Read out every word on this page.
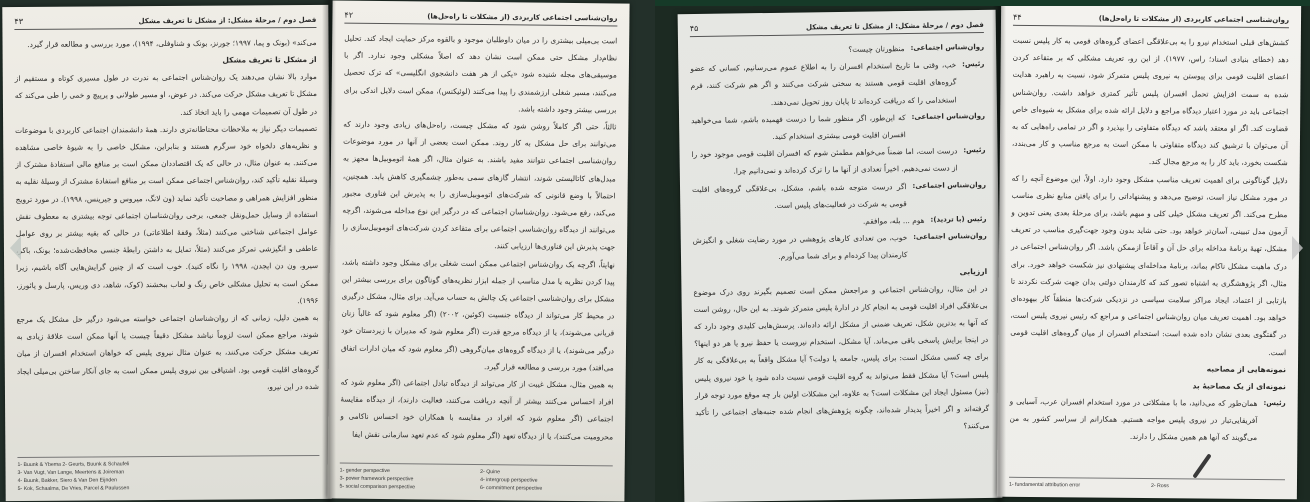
فصل دوم / مرحلهٔ مشکل: از مشکل تا تعریف مشکل
۴۳

می‌کند» (بونک و پما، ۱۹۹۷؛ جورنز، بونک و شناوفلی، ۱۹۹۴)، مورد بررسی و مطالعه قرار گیرد.

از مشکل تا تعریف مشکل

موارد بالا نشان می‌دهند یک روان‌شناس اجتماعی به ندرت در طول مسیری کوتاه و مستقیم از مشکل تا تعریف مشکل حرکت می‌کند. در عوض، او مسیر طولانی و پرپیچ و خمی را طی می‌کند که در طول آن تصمیمات مهمی را باید اتخاذ کند.

تصمیمات دیگر نیاز به ملاحظات محتاطانه‌تری دارند. همهٔ دانشمندان اجتماعی کاربردی با موضوعات و نظریه‌های دلخواه خود سرگرم هستند و بنابراین، مشکل خاصی را به شیوهٔ خاصی مشاهده می‌کنند. به عنوان مثال، در حالی که یک اقتصاددان ممکن است بر منافع مالی استفادهٔ مشترک از وسیلهٔ نقلیه تأکید کند، روان‌شناس اجتماعی ممکن است بر منافع استفادهٔ مشترک از وسیلهٔ نقلیه به منظور افزایش همراهی و مصاحبت تأکید نماید (ون لانگ، میروس و جیرینس، ۱۹۹۸). در مورد ترویج استفاده از وسایل حمل‌ونقل جمعی، برخی روان‌شناسان اجتماعی توجه بیشتری به معطوف نقش عوامل اجتماعی شناختی می‌کنند (مثلاً، وقفهٔ اطلاعاتی) در حالی که بقیه بیشتر بر روی عوامل عاطفی و انگیزشی تمرکز می‌کنند (مثلاً، تمایل به داشتن رابطهٔ جنسی محافظت‌شده؛ بونک، باکر، سیرو، ون دن ایجدن، ۱۹۹۸ را نگاه کنید). خوب است که از چنین گرایش‌هایی آگاه باشیم، زیرا ممکن است به تحلیل مشکلی خاص رنگ و لعاب ببخشند (کوک، شاهد، دی وریس، پارسل و پائورز، ۱۹۹۶).

به همین دلیل، زمانی که از روان‌شناسان اجتماعی خواسته می‌شود درگیر حل مشکل یک مرجع شوند، مراجع ممکن است لزوماً نباشد مشکل دقیقاً چیست یا آنها ممکن است علاقهٔ زیادی به تعریف مشکل حرکت می‌کنند، به عنوان مثال نیروی پلیس که خواهان استخدام افسران از میان گروه‌های اقلیت قومی بود. اشتیاقی بین نیروی پلیس ممکن است به جای آنکار ساختن بی‌میلی ایجاد شده در این نیرو،

1- Buunk & Ybema 2- Geurts, Buunk & Schaufeli
3- Van Vugt, Van Lange, Meertens & Joireman
4- Buunk, Bakker, Siero & Van Den Eijnden
5- Kok, Schaalma, De Vries, Parcel & Paulussen
روان‌شناسی اجتماعی کاربردی (از مشکلات تا راه‌حل‌ها)
۴۲

است بی‌میلی بیشتری را در میان داوطلبان موجود و بالقوه مرکز حمایت ایجاد کند. تحلیل نظام‌دار مشکل حتی ممکن است نشان دهد که اصلاً مشکلی وجود ندارد. اگر با موسیقی‌های مجله شنیده شود «یکی از هر هفت دانشجوی انگلیسی» که ترک تحصیل می‌کنند، مسیر شغلی ارزشمندی را پیدا می‌کنند (لوئیکنس)، ممکن است دلایل اندکی برای بررسی بیشتر وجود داشته باشد.

ثالثاً، حتی اگر کاملاً روشن شود که مشکل چیست، راه‌حل‌های زیادی وجود دارند که می‌توانند برای حل مشکل به کار روند. ممکن است بعضی از آنها در مورد موضوعات روان‌شناسی اجتماعی نتوانند مفید باشند. به عنوان مثال، اگر همهٔ اتوموبیل‌ها مجهز به مبدل‌های کاتالیستی شوند، انتشار گازهای سمی به‌طور چشمگیری کاهش یابد. همچنین، احتمالاً با وضع قانونی که شرکت‌های اتوموبیل‌سازی را به پذیرش این فناوری مجبور می‌کند، رفع می‌شود. روان‌شناسان اجتماعی که در درگیر این نوع مداخله می‌شوند، اگرچه می‌توانند از دیدگاه روان‌شناسی اجتماعی برای متقاعد کردن شرکت‌های اتوموبیل‌سازی را جهت پذیرش این فناوری‌ها ارزیابی کنند.

نهایتاً، اگرچه یک روان‌شناس اجتماعی ممکن است شغلی برای مشکل وجود داشته باشد، پیدا کردن نظریه یا مدل مناسب از جمله ابزار نظریه‌های گوناگون برای بررسی بیشتر این مشکل برای روان‌شناسی اجتماعی یک چالش به حساب می‌آید. برای مثال، مشکل درگیری در محیط کار می‌تواند از دیدگاه جنسیت (کوئین، ۲۰۰۲) (اگر معلوم شود که غالباً زنان قربانی می‌شوند)، یا از دیدگاه مرجع قدرت (اگر معلوم شود که مدیران با زیردستان خود درگیر می‌شوند)، یا از دیدگاه گروه‌های میان‌گروهی (اگر معلوم شود که میان ادارات اتفاق می‌افتد) مورد بررسی و مطالعه قرار گیرد.

به همین مثال، مشکل غیبت از کار می‌تواند از دیدگاه تبادل اجتماعی (اگر معلوم شود که افراد احساس می‌کنند بیشتر از آنچه دریافت می‌کنند، فعالیت دارند)، از دیدگاه مقایسهٔ اجتماعی (اگر معلوم شود که افراد در مقایسه با همکاران خود احساس ناکامی و محرومیت می‌کنند)، یا از دیدگاه تعهد (اگر معلوم شود که عدم تعهد سازمانی نقش ایفا

1- gender perspective	2- Quine
3- power framework perspective	4- intergroup perspective
5- social comparison perspective	6- commitment perspective
فصل دوم / مرحلهٔ مشکل: از مشکل تا تعریف مشکل
۴۵
روان‌شناس اجتماعی:
منظورتان چیست؟
رئیس:
خب، وقتی ما تاریخ استخدام افسران را به اطلاع عموم می‌رسانیم، کسانی که عضو گروه‌های اقلیت قومی هستند به سختی شرکت می‌کنند و اگر هم شرکت کنند، فرم استخدامی را که دریافت کرده‌اند تا پایان روز تحویل نمی‌دهند.
روان‌شناس اجتماعی:
که این‌طور، اگر منظور شما را درست فهمیده باشم، شما می‌خواهید افسران اقلیت قومی بیشتری استخدام کنید.
رئیس:
درست است، اما ضمناً می‌خواهم مطمئن شوم که افسران اقلیت قومی موجود خود را از دست نمی‌دهیم. اخیراً تعدادی از آنها ما را ترک کرده‌اند و نمی‌دانیم چرا.
روان‌شناس اجتماعی:
اگر درست متوجه شده باشم، مشکل، بی‌علاقگی گروه‌های اقلیت قومی به شرکت در فعالیت‌های پلیس است.
رئیس (با تردید):
هوم ... بله، موافقم.
روان‌شناس اجتماعی:
خوب، من تعدادی کارهای پژوهشی در مورد رضایت شغلی و انگیزش کارمندان پیدا کرده‌ام و برای شما می‌آورم.

ارزیابی

در این مثال، روان‌شناس اجتماعی و مراجعش ممکن است تصمیم بگیرند روی درک موضوع بی‌علاقگی افراد اقلیت قومی به انجام کار در ادارهٔ پلیس متمرکز شوند. به این حال، روشن است که آنها به بدترین شکل، تعریف ضمنی از مشکل ارائه داده‌اند. پرسش‌هایی کلیدی وجود دارد که در اینجا برایش پاسخی باقی می‌ماند. آیا مشکل، استخدام نیروست یا حفظ نیرو یا هر دو اینها؟ برای چه کسی مشکل است: برای پلیس، جامعه یا دولت؟ آیا مشکل واقعاً به بی‌علاقگی به کار پلیس است؟ آیا مشکل فقط می‌تواند به گروه اقلیت قومی نسبت داده شود یا خود نیروی پلیس (نیز) مسئول ایجاد این مشکلات است؟ به علاوه، این مشکلات اولین بار چه موقع مورد توجه قرار گرفته‌اند و اگر اخیراً پدیدار شده‌اند، چگونه پژوهش‌های انجام شده جنبه‌های اجتماعی را تأکید می‌کنند؟

روان‌شناسی اجتماعی کاربردی (از مشکلات تا راه‌حل‌ها)
۴۴

کشش‌های قبلی استخدام نیرو را به بی‌علاقگی اعضای گروه‌های قومی به کار پلیس نسبت دهد (خطای بنیادی اسناد؛ راس، ۱۹۷۷). از این رو، تعریف مشکلی که بر متقاعد کردن اعضای اقلیت قومی برای پیوستن به نیروی پلیس متمرکز شود، نسبت به راهبرد هدایت شده به سمت افزایش تحمل افسران پلیس تأثیر کمتری خواهد داشت. روان‌شناس اجتماعی باید در مورد اعتبار دیدگاه مراجع و دلایل ارائه شده برای مشکل به شیوه‌ای خاص قضاوت کند. اگر او معتقد باشد که دیدگاه متفاوتی را بپذیرد و اگر در تمامی راه‌هایی که به آن می‌توان با ترشیق کند دیدگاه متفاوتی با ممکن است به مرجع مناسب و کار می‌بندد، شکست بخورد، باید کار را به مرجع مجال کند.

دلایل گوناگونی برای اهمیت تعریف مناسب مشکل وجود دارد. اولاً، این موضوع آنچه را که در مورد مشکل نیاز است، توضیح می‌دهد و پیشنهاداتی را برای یافتن منابع نظری مناسب مطرح می‌کند. اگر تعریف مشکل خیلی کلی و مبهم باشد، برای مرحلهٔ بعدی یعنی تدوین و آزمون مدل تبیینی، آسان‌تر خواهد بود. حتی شاید بدون وجود جهت‌گیری مناسب در تعریف مشکل، تهیهٔ برنامهٔ مداخله برای حل آن و آقاعاً ازممکن باشد. اگر روان‌شناس اجتماعی در درک ماهیت مشکل ناکام بماند، برنامهٔ مداخله‌ای پیشنهادی نیز شکست خواهد خورد. برای مثال، اگر پژوهشگری به اشتباه تصور کند که کارمندان دولتی بدان جهت شرکت نکردند تا بازتابی از اعتماد، ایجاد مراکز سلامت سیاسی در نزدیکی شرکت‌ها منطقاً کار بیهوده‌ای خواهد بود. اهمیت تعریف میان روان‌شناس اجتماعی و مراجع که رئیس نیروی پلیس است، در گفتگوی بعدی نشان داده شده است: استخدام افسران از میان گروه‌های اقلیت قومی است.

نمونه‌هایی از مصاحبه

نمونه‌ای از یک مصاحبهٔ بد

رئیس:
همان‌طور که می‌دانید، ما با مشکلاتی در مورد استخدام افسران عرب، آسیایی و آفریقایی‌تبار در نیروی پلیس مواجه هستیم. همکارانم از سراسر کشور به من می‌گویند که آنها هم همین مشکل را دارند.
1- fundamental attribution error	2- Ross
